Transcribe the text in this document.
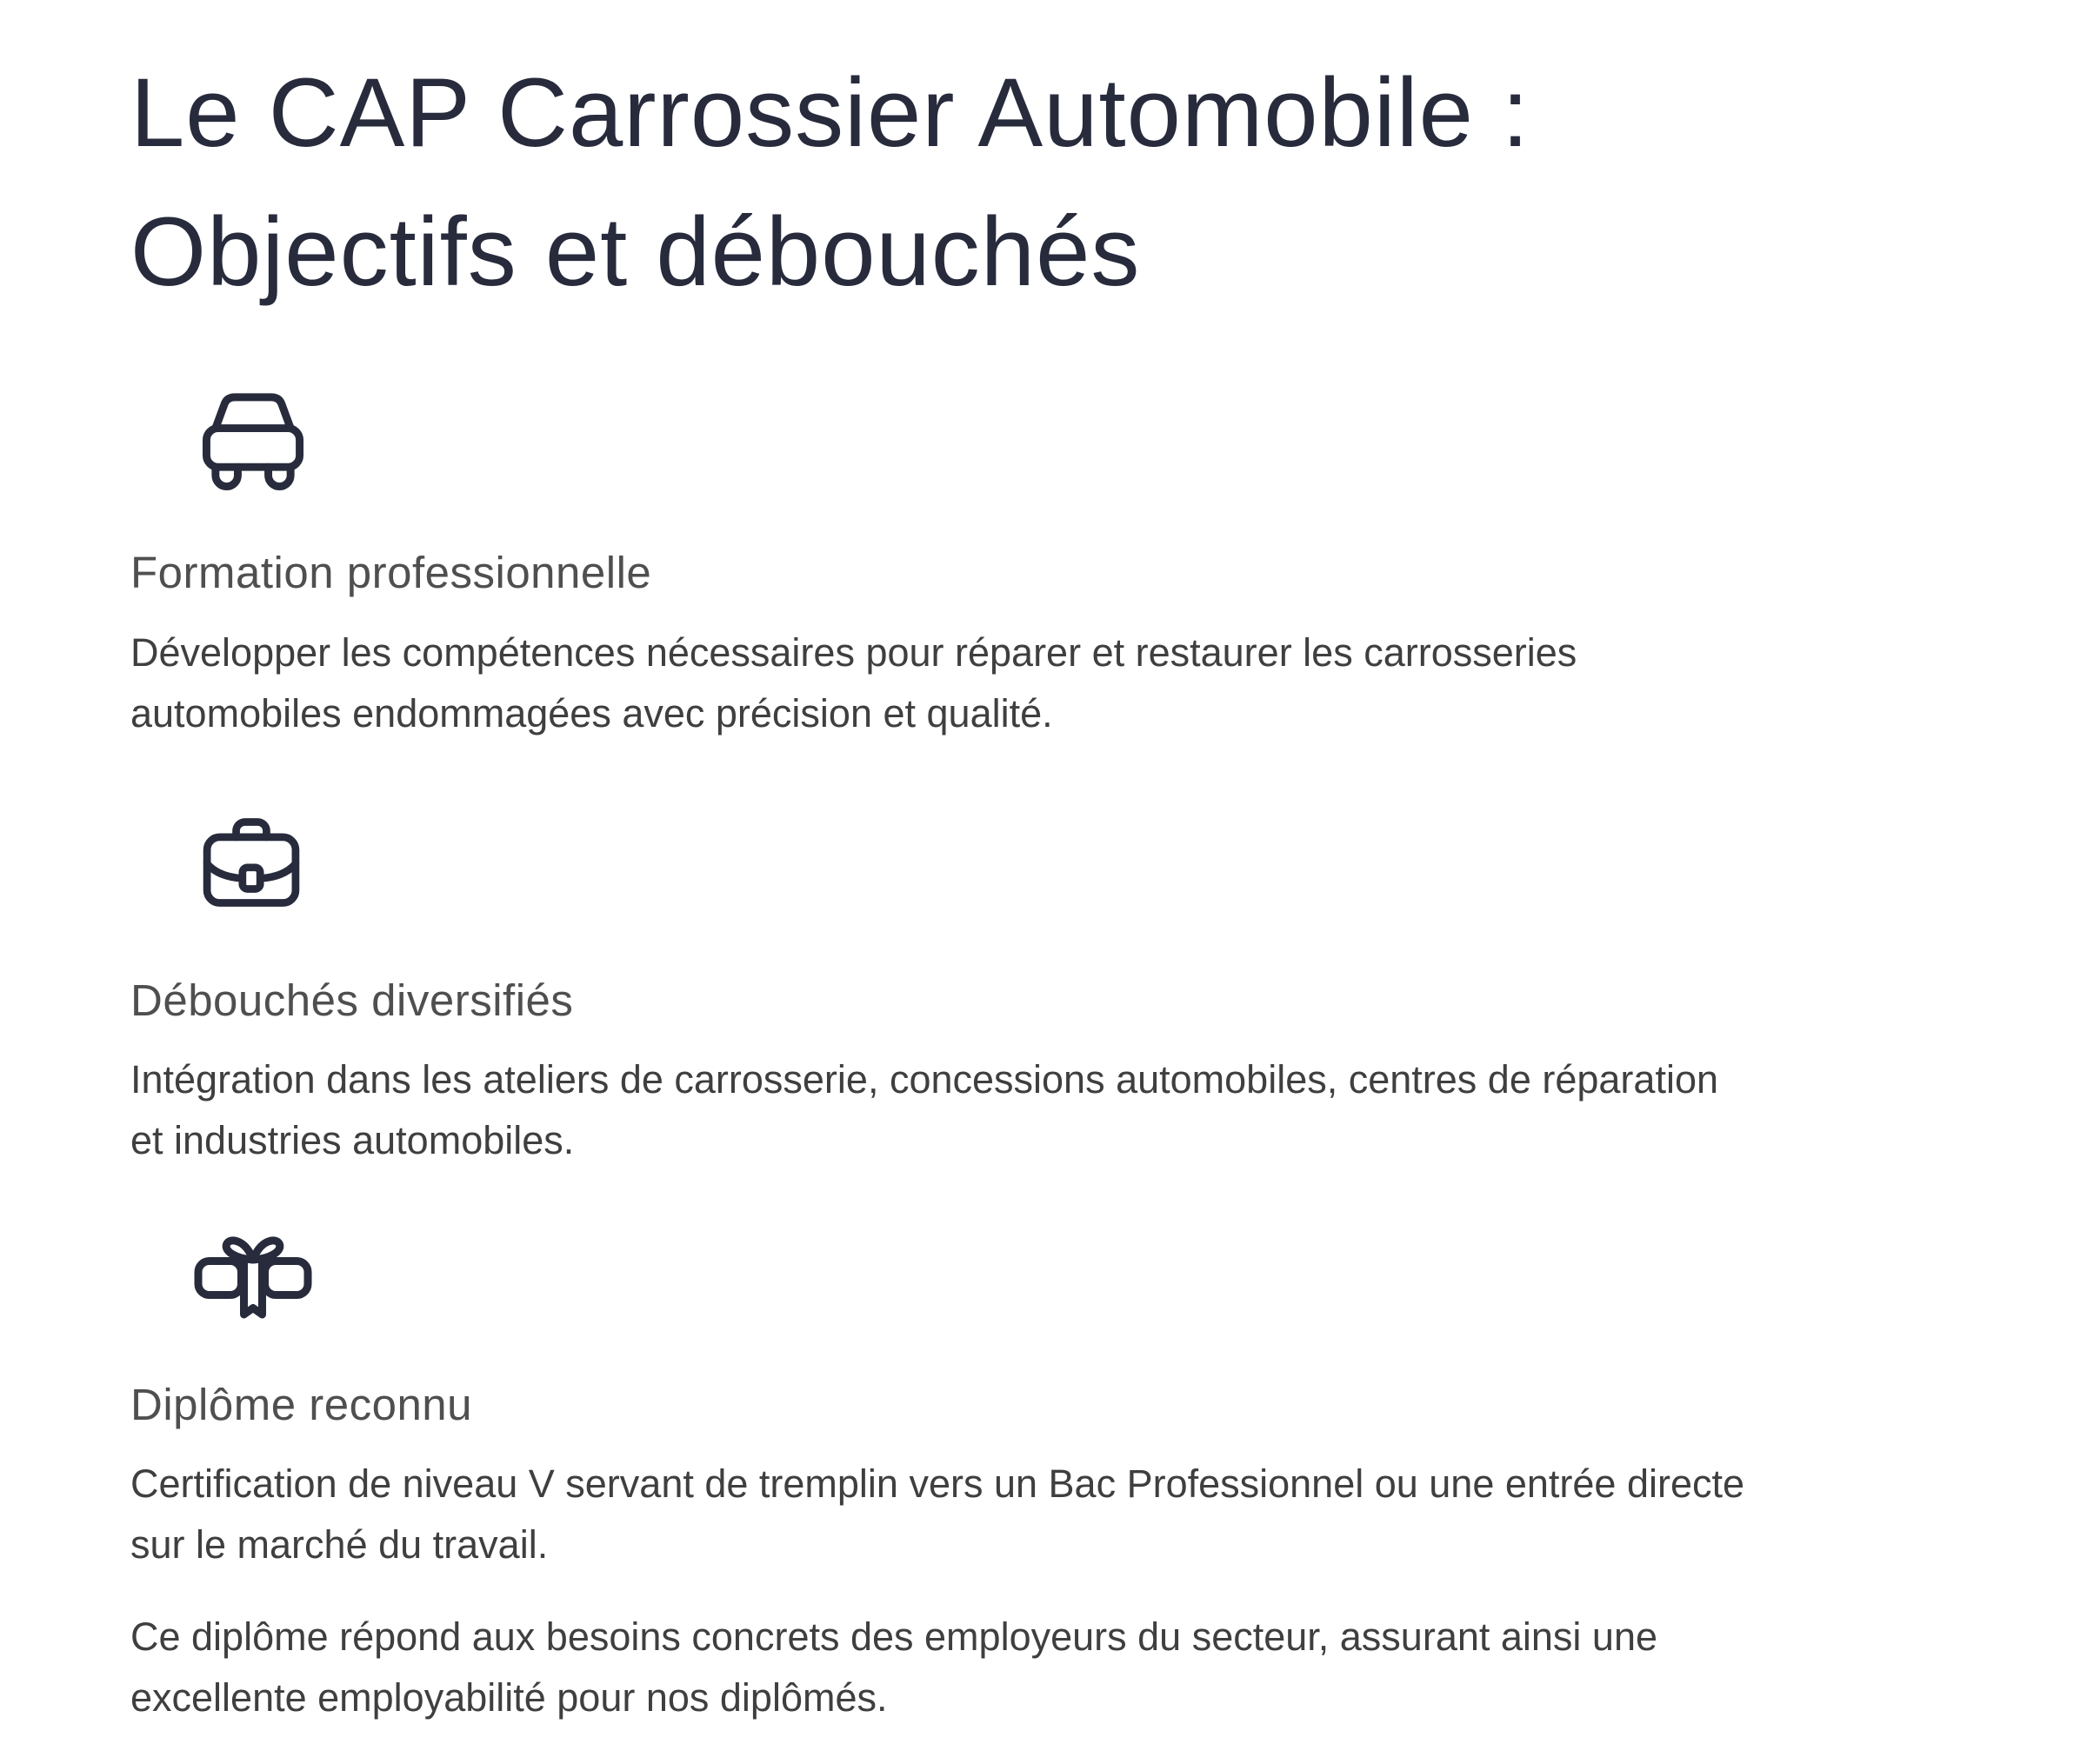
Le CAP Carrossier Automobile :
Objectifs et débouchés
Formation professionnelle

Développer les compétences nécessaires pour réparer et restaurer les carrosseries automobiles endommagées avec précision et qualité.

Débouchés diversifiés

Intégration dans les ateliers de carrosserie, concessions automobiles, centres de réparation et industries automobiles.

Diplôme reconnu

Certification de niveau V servant de tremplin vers un Bac Professionnel ou une entrée directe sur le marché du travail.

Ce diplôme répond aux besoins concrets des employeurs du secteur, assurant ainsi une excellente employabilité pour nos diplômés.
